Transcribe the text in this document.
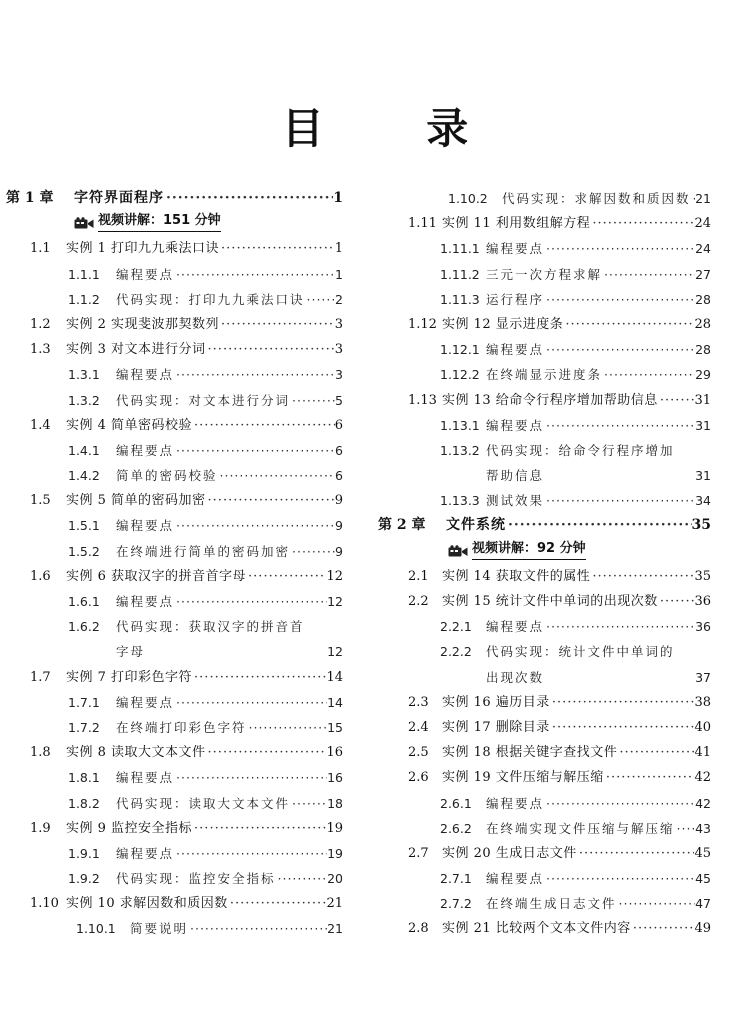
目 录
第 1 章 字符界面程序 ·····	1
视频讲解：151 分钟
1.1 实例 1 打印九九乘法口诀 ·····	1
1.1.1 编程要点 ·····	1
1.1.2 代码实现：打印九九乘法口诀 ····· 2
1.2 实例 2 实现斐波那契数列 ·····	3
1.3 实例 3 对文本进行分词 ·····	3
1.3.1 编程要点 ·····	3
1.3.2 代码实现：对文本进行分词 ·····	5
1.4 实例 4 简单密码校验 ·····	6
1.4.1 编程要点 ·····	6
1.4.2 简单的密码校验 ·····	6
1.5 实例 5 简单的密码加密 ·····	9
1.5.1 编程要点 ·····	9
1.5.2 在终端进行简单的密码加密 ·····	9
1.6 实例 6 获取汉字的拼音首字母 ·····	12
1.6.1 编程要点 ·····	12
1.6.2 代码实现：获取汉字的拼音首
字母	12
1.7 实例 7 打印彩色字符 ·····	14
1.7.1 编程要点 ·····	14
1.7.2 在终端打印彩色字符 ·····	15
1.8 实例 8 读取大文本文件 ·····	16
1.8.1 编程要点 ·····	16
1.8.2 代码实现：读取大文本文件 ·····	18
1.9 实例 9 监控安全指标 ·····	19
1.9.1 编程要点 ·····	19
1.9.2 代码实现：监控安全指标 ·····	20
1.10 实例 10 求解因数和质因数 ·····	21
1.10.1 简要说明 ·····	21
1.10.2 代码实现：求解因数和质因数 ····· 21
1.11 实例 11 利用数组解方程 ·····	24
1.11.1 编程要点 ·····	24
1.11.2 三元一次方程求解 ·····	27
1.11.3 运行程序 ·····	28
1.12 实例 12 显示进度条 ·····	28
1.12.1 编程要点 ·····	28
1.12.2 在终端显示进度条 ·····	29
1.13 实例 13 给命令行程序增加帮助信息 ·····	31
1.13.1 编程要点 ·····	31
1.13.2 代码实现：给命令行程序增加
帮助信息	31
1.13.3 测试效果 ·····	34
第 2 章 文件系统 ·····	35
视频讲解：92 分钟
2.1 实例 14 获取文件的属性 ·····	35
2.2 实例 15 统计文件中单词的出现次数 ·····	36
2.2.1 编程要点 ·····	36
2.2.2 代码实现：统计文件中单词的
出现次数	37
2.3 实例 16 遍历目录 ·····	38
2.4 实例 17 删除目录 ·····	40
2.5 实例 18 根据关键字查找文件 ·····	41
2.6 实例 19 文件压缩与解压缩 ·····	42
2.6.1 编程要点 ·····	42
2.6.2 在终端实现文件压缩与解压缩 ····· 43
2.7 实例 20 生成日志文件 ·····	45
2.7.1 编程要点 ·····	45
2.7.2 在终端生成日志文件 ·····	47
2.8 实例 21 比较两个文本文件内容 ·····	49
